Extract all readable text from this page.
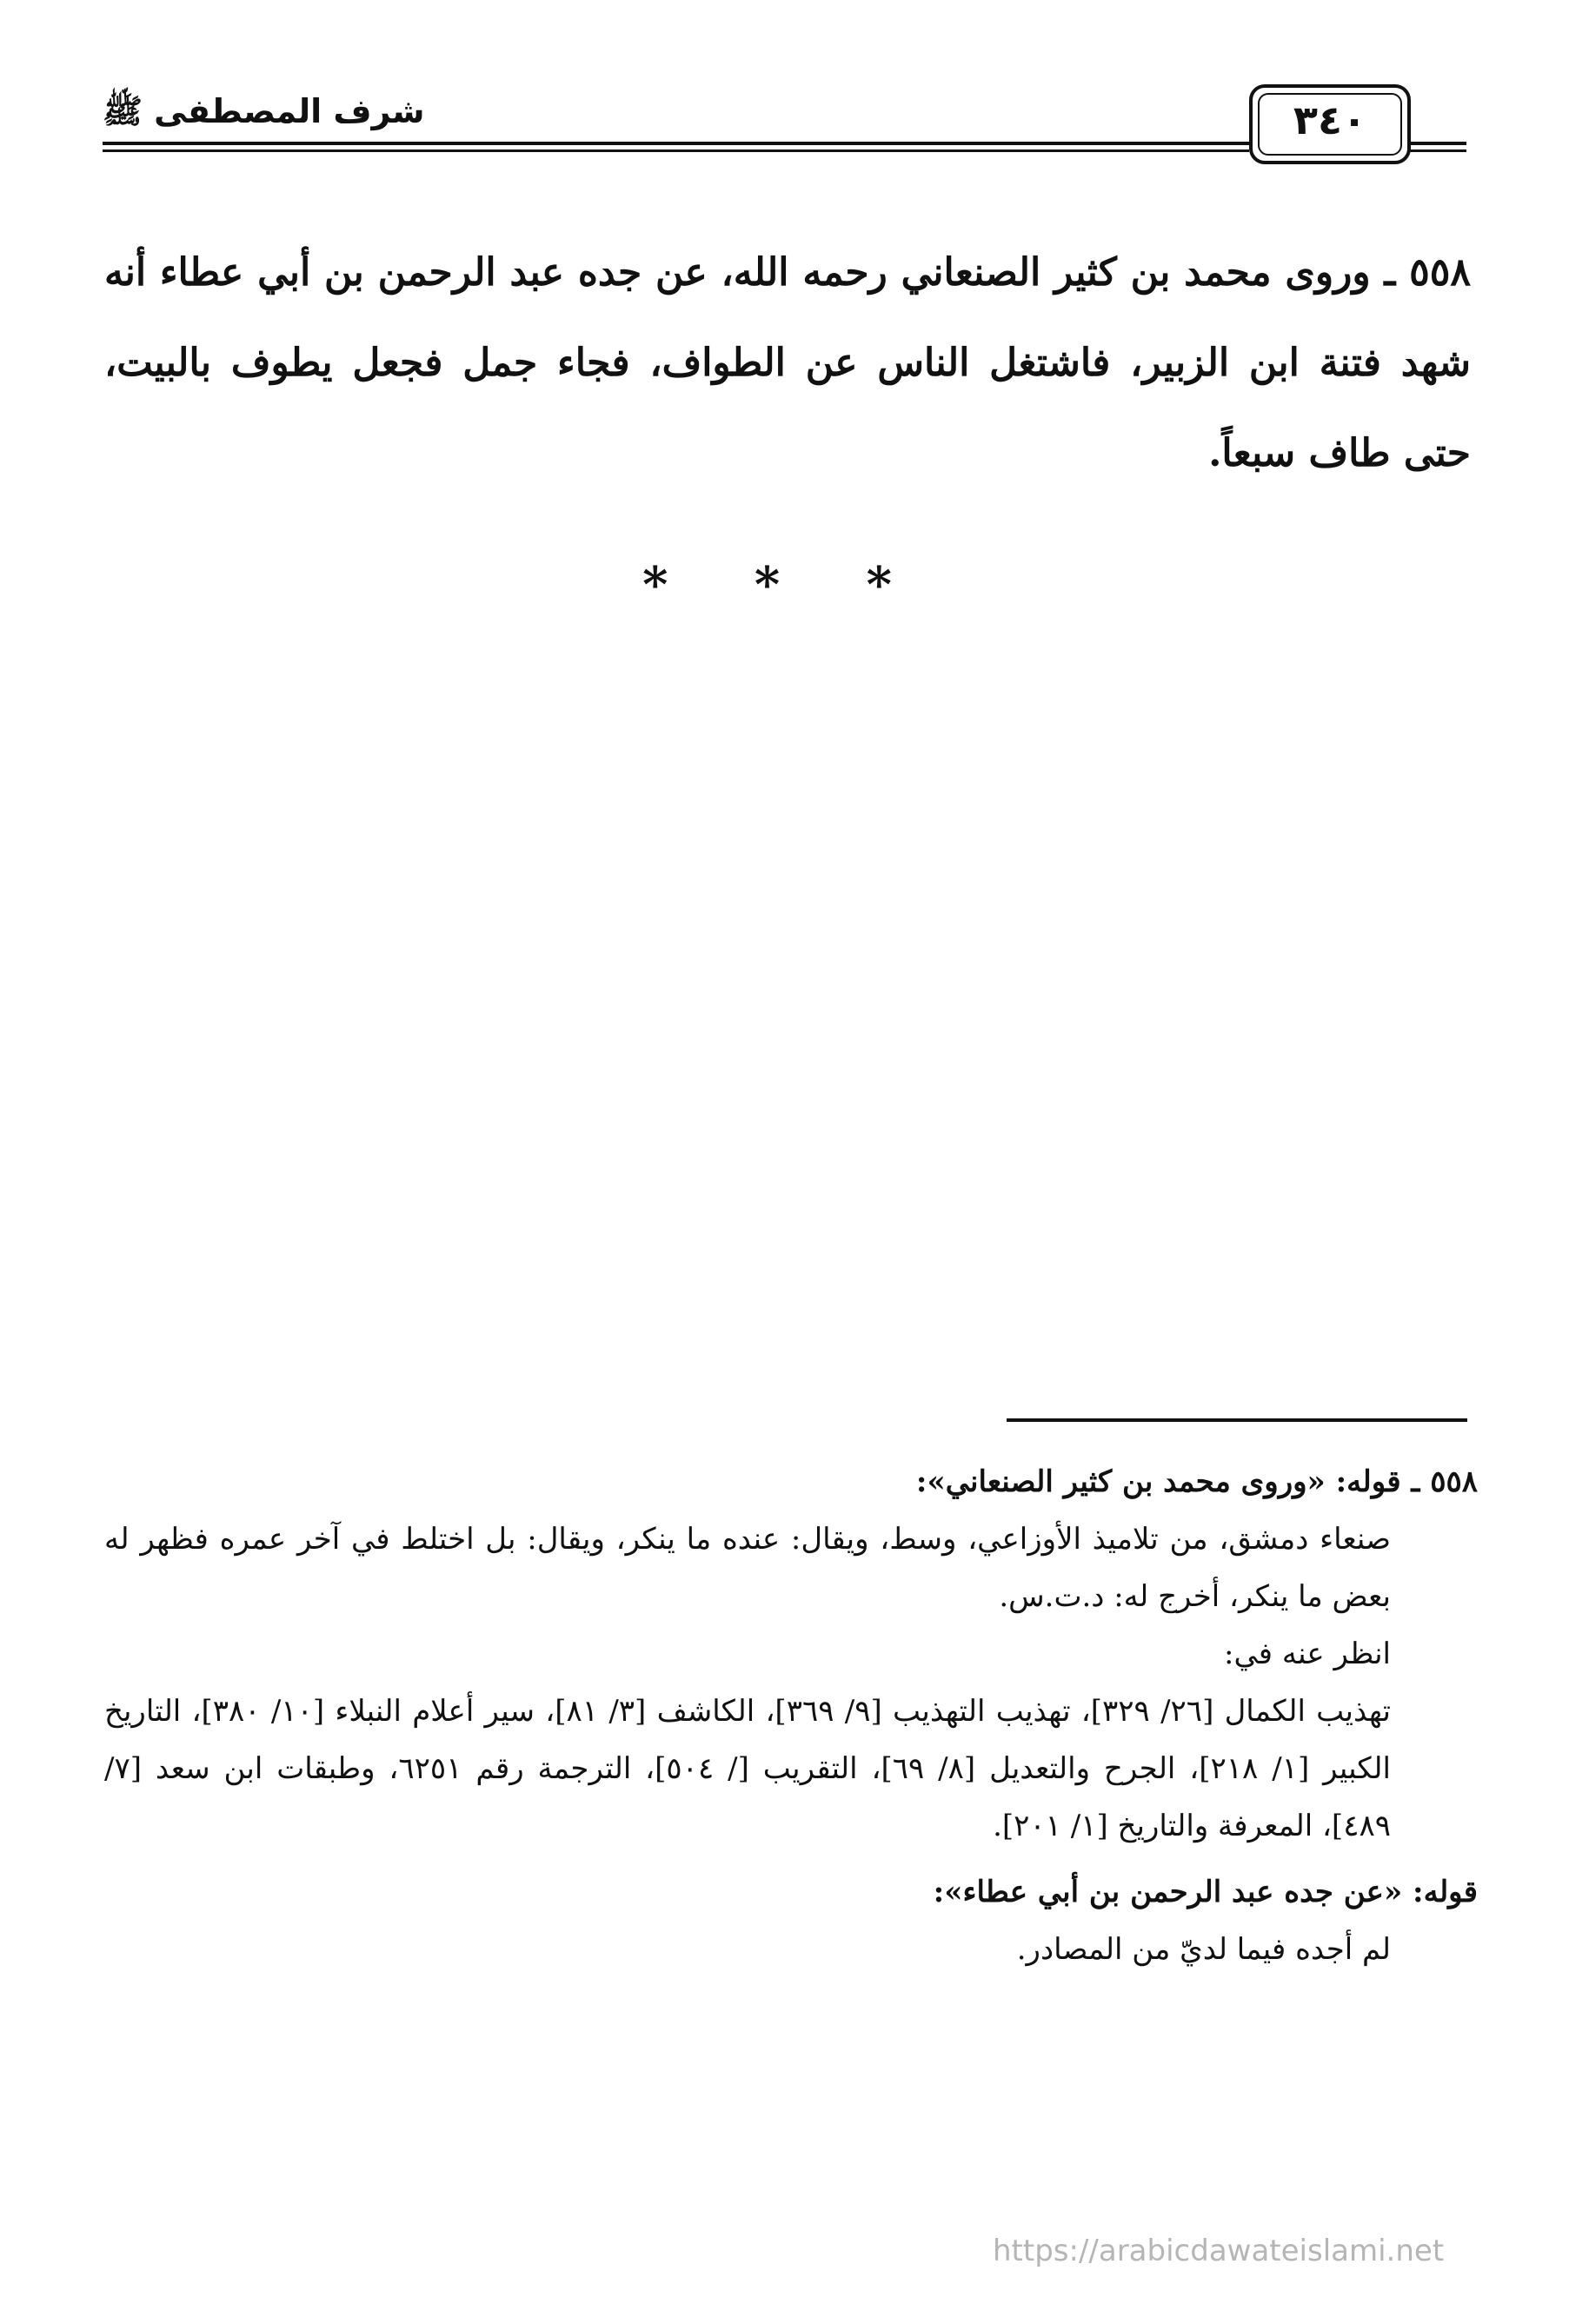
شرف المصطفى ﷺ	٣٤٠
٥٥٨ ـ وروى محمد بن كثير الصنعاني رحمه الله، عن جده عبد الرحمن بن أبي عطاء أنه شهد فتنة ابن الزبير، فاشتغل الناس عن الطواف، فجاء جمل فجعل يطوف بالبيت، حتى طاف سبعاً.
* * *

٥٥٨ ـ قوله: «وروى محمد بن كثير الصنعاني»:

صنعاء دمشق، من تلاميذ الأوزاعي، وسط، ويقال: عنده ما ينكر، ويقال: بل اختلط في آخر عمره فظهر له بعض ما ينكر، أخرج له: د.ت.س.

انظر عنه في:

تهذيب الكمال [٢٦/ ٣٢٩]، تهذيب التهذيب [٩/ ٣٦٩]، الكاشف [٣/ ٨١]، سير أعلام النبلاء [١٠/ ٣٨٠]، التاريخ الكبير [١/ ٢١٨]، الجرح والتعديل [٨/ ٦٩]، التقريب [/ ٥٠٤]، الترجمة رقم ٦٢٥١، وطبقات ابن سعد [٧/ ٤٨٩]، المعرفة والتاريخ [١/ ٢٠١].

قوله: «عن جده عبد الرحمن بن أبي عطاء»:

لم أجده فيما لديّ من المصادر.

https://arabicdawateislami.net
